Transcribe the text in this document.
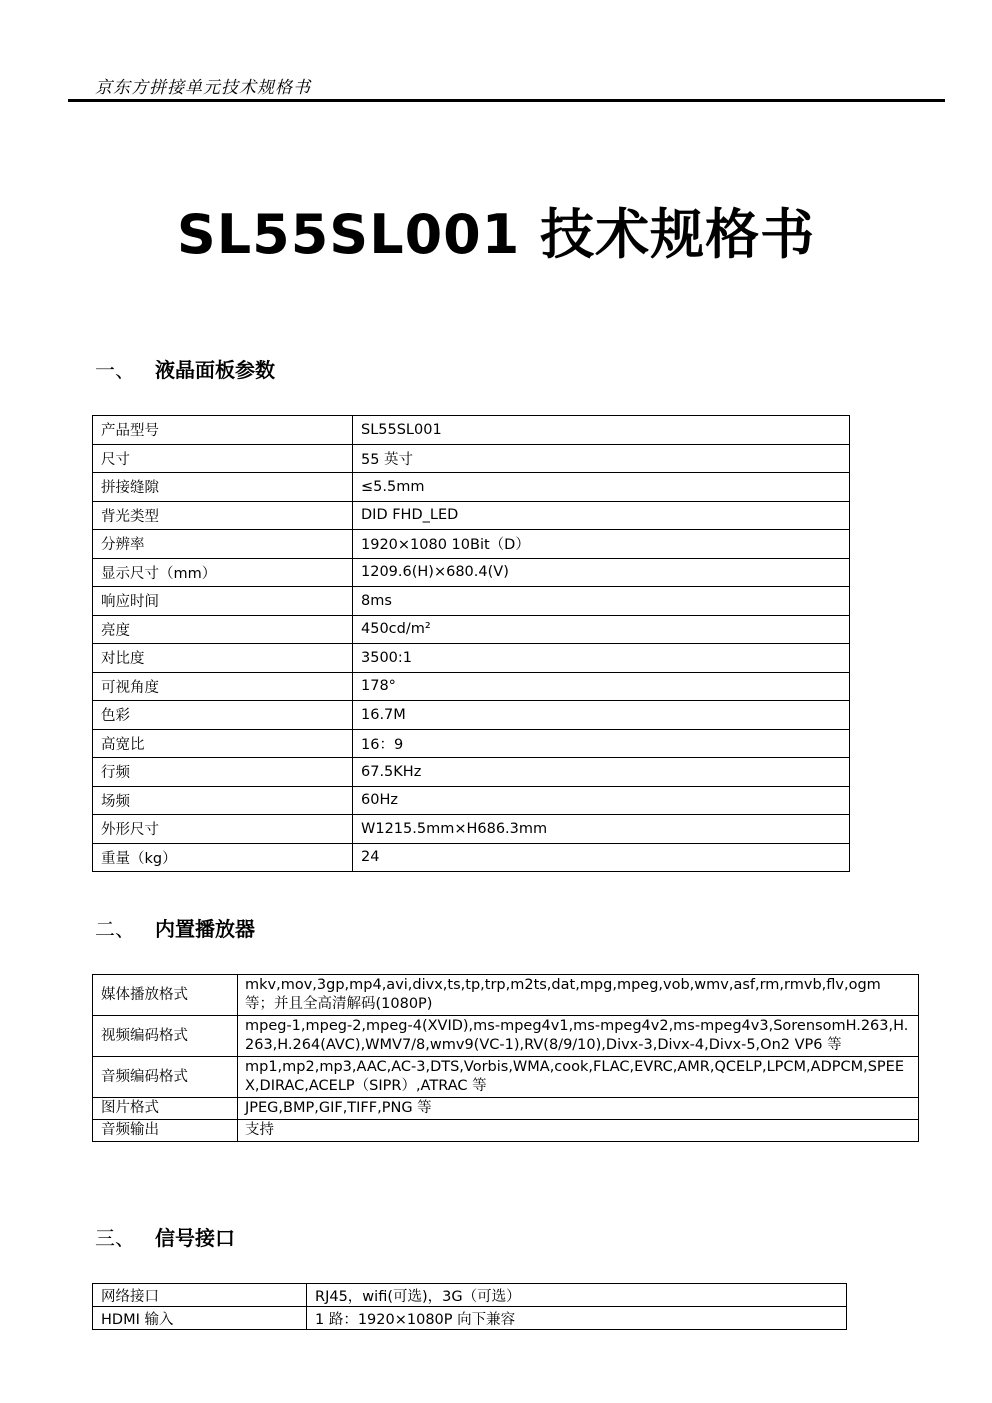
京东方拼接单元技术规格书
SL55SL001 技术规格书
一、 液晶面板参数
产品型号	SL55SL001
尺寸	55 英寸
拼接缝隙	≤5.5mm
背光类型	DID FHD_LED
分辨率	1920×1080 10Bit（D）
显示尺寸（mm）	1209.6(H)×680.4(V)
响应时间	8ms
亮度	450cd/m²
对比度	3500:1
可视角度	178°
色彩	16.7M
高宽比	16：9
行频	67.5KHz
场频	60Hz
外形尺寸	W1215.5mm×H686.3mm
重量（kg）	24
二、 内置播放器
媒体播放格式	mkv,mov,3gp,mp4,avi,divx,ts,tp,trp,m2ts,dat,mpg,mpeg,vob,wmv,asf,rm,rmvb,flv,ogm 等；并且全高清解码(1080P)
视频编码格式	mpeg-1,mpeg-2,mpeg-4(XVID),ms-mpeg4v1,ms-mpeg4v2,ms-mpeg4v3,SorensomH.263,H.263,H.264(AVC),WMV7/8,wmv9(VC-1),RV(8/9/10),Divx-3,Divx-4,Divx-5,On2 VP6 等
音频编码格式	mp1,mp2,mp3,AAC,AC-3,DTS,Vorbis,WMA,cook,FLAC,EVRC,AMR,QCELP,LPCM,ADPCM,SPEEX,DIRAC,ACELP（SIPR）,ATRAC 等
图片格式	JPEG,BMP,GIF,TIFF,PNG 等
音频输出	支持
三、 信号接口
网络接口	RJ45，wifi(可选)，3G（可选）
HDMI 输入	1 路：1920×1080P 向下兼容
